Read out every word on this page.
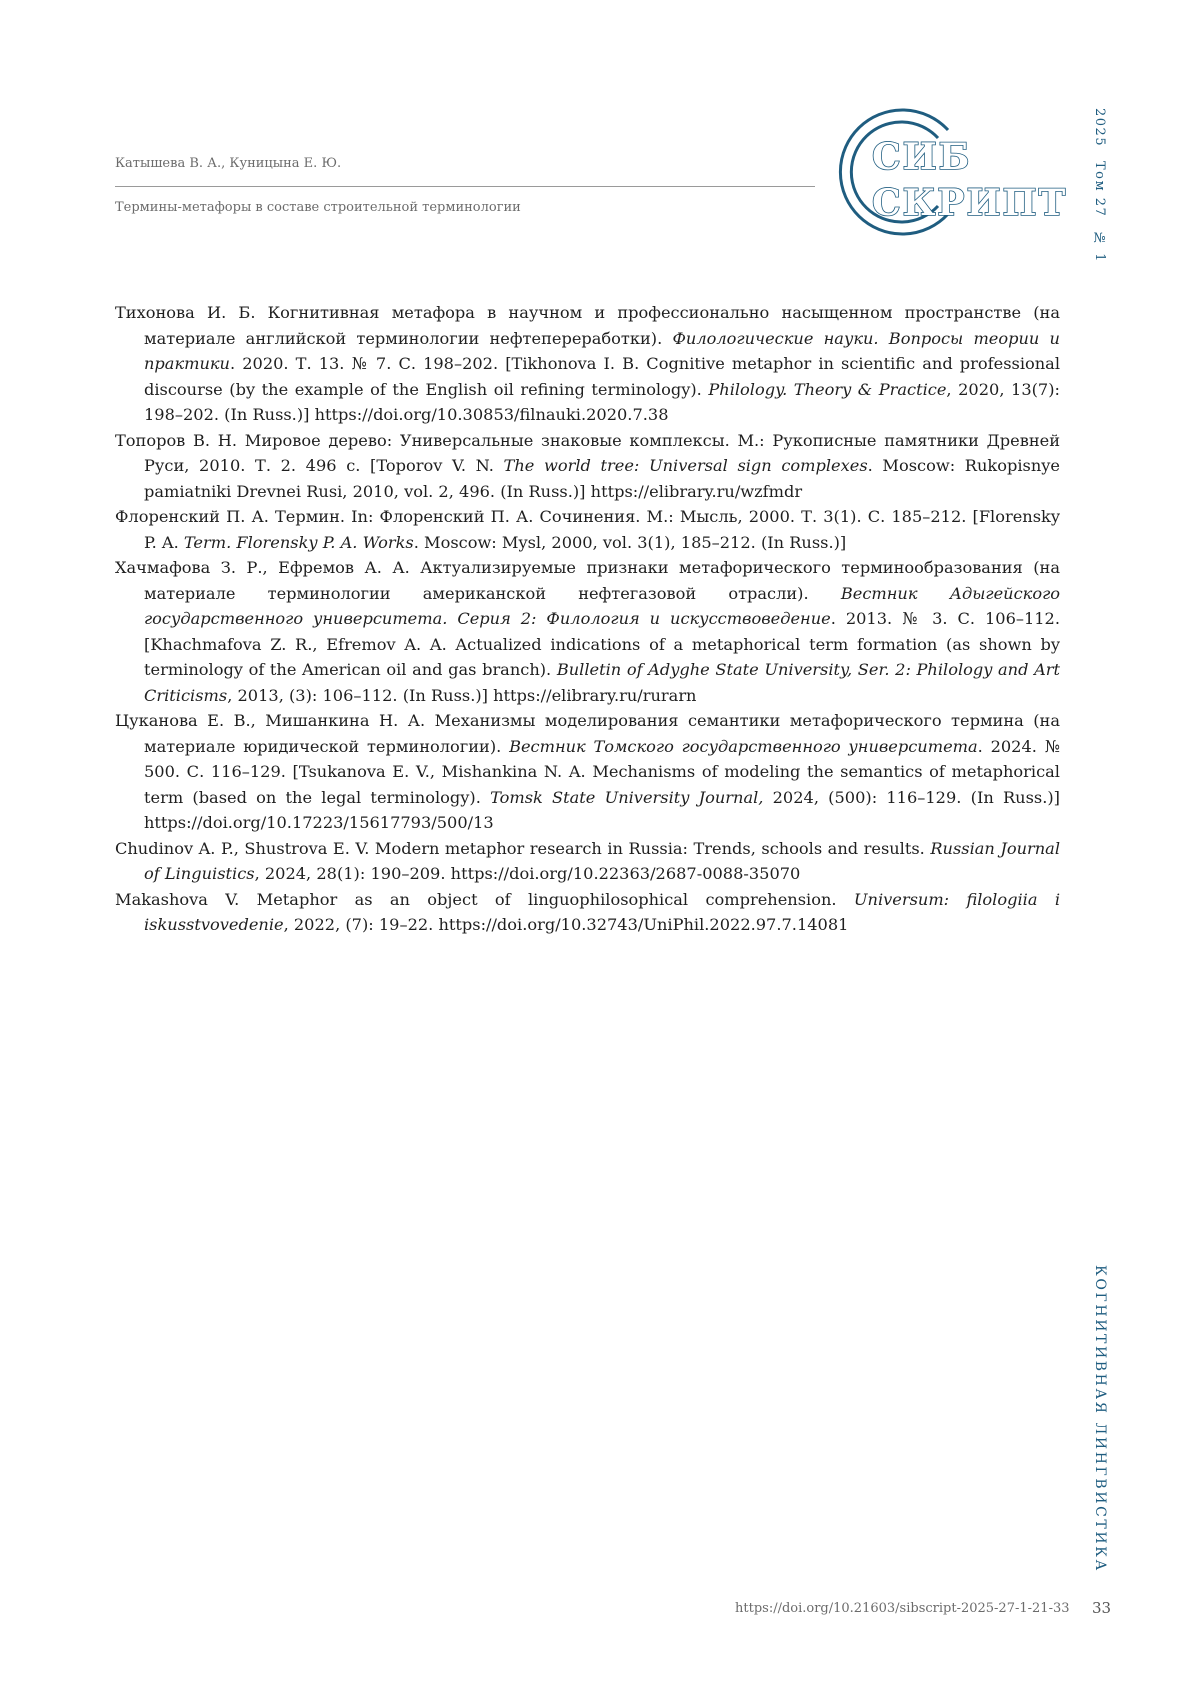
Катышева В. А., Куницына Е. Ю.
Термины-метафоры в составе строительной терминологии
СИБ
СКРИПТ
2025 Том 27 № 1
КОГНИТИВНАЯ ЛИНГВИСТИКА

Тихонова И. Б. Когнитивная метафора в научном и профессионально насыщенном пространстве (на материале английской терминологии нефтепереработки). Филологические науки. Вопросы теории и практики. 2020. Т. 13. № 7. С. 198–202. [Tikhonova I. B. Cognitive metaphor in scientific and professional discourse (by the example of the English oil refining terminology). Philology. Theory & Practice, 2020, 13(7): 198–202. (In Russ.)] https://doi.org/10.30853/filnauki.2020.7.38

Топоров В. Н. Мировое дерево: Универсальные знаковые комплексы. М.: Рукописные памятники Древней Руси, 2010. Т. 2. 496 с. [Toporov V. N. The world tree: Universal sign complexes. Moscow: Rukopisnye pamiatniki Drevnei Rusi, 2010, vol. 2, 496. (In Russ.)] https://elibrary.ru/wzfmdr

Флоренский П. А. Термин. In: Флоренский П. А. Сочинения. М.: Мысль, 2000. Т. 3(1). С. 185–212. [Florensky P. A. Term. Florensky P. A. Works. Moscow: Mysl, 2000, vol. 3(1), 185–212. (In Russ.)]

Хачмафова З. Р., Ефремов А. А. Актуализируемые признаки метафорического терминообразования (на материале терминологии американской нефтегазовой отрасли). Вестник Адыгейского государственного университета. Серия 2: Филология и искусствоведение. 2013. № 3. С. 106–112. [Khachmafova Z. R., Efremov A. A. Actualized indications of a metaphorical term formation (as shown by terminology of the American oil and gas branch). Bulletin of Adyghe State University, Ser. 2: Philology and Art Criticisms, 2013, (3): 106–112. (In Russ.)] https://elibrary.ru/rurarn

Цуканова Е. В., Мишанкина Н. А. Механизмы моделирования семантики метафорического термина (на материале юридической терминологии). Вестник Томского государственного университета. 2024. № 500. С. 116–129. [Tsukanova E. V., Mishankina N. A. Mechanisms of modeling the semantics of metaphorical term (based on the legal terminology). Tomsk State University Journal, 2024, (500): 116–129. (In Russ.)] https://doi.org/10.17223/15617793/500/13

Chudinov A. P., Shustrova E. V. Modern metaphor research in Russia: Trends, schools and results. Russian Journal of Linguistics, 2024, 28(1): 190–209. https://doi.org/10.22363/2687-0088-35070

Makashova V. Metaphor as an object of linguophilosophical comprehension. Universum: filologiia i iskusstvovedenie, 2022, (7): 19–22. https://doi.org/10.32743/UniPhil.2022.97.7.14081

https://doi.org/10.21603/sibscript-2025-27-1-21-33 33
